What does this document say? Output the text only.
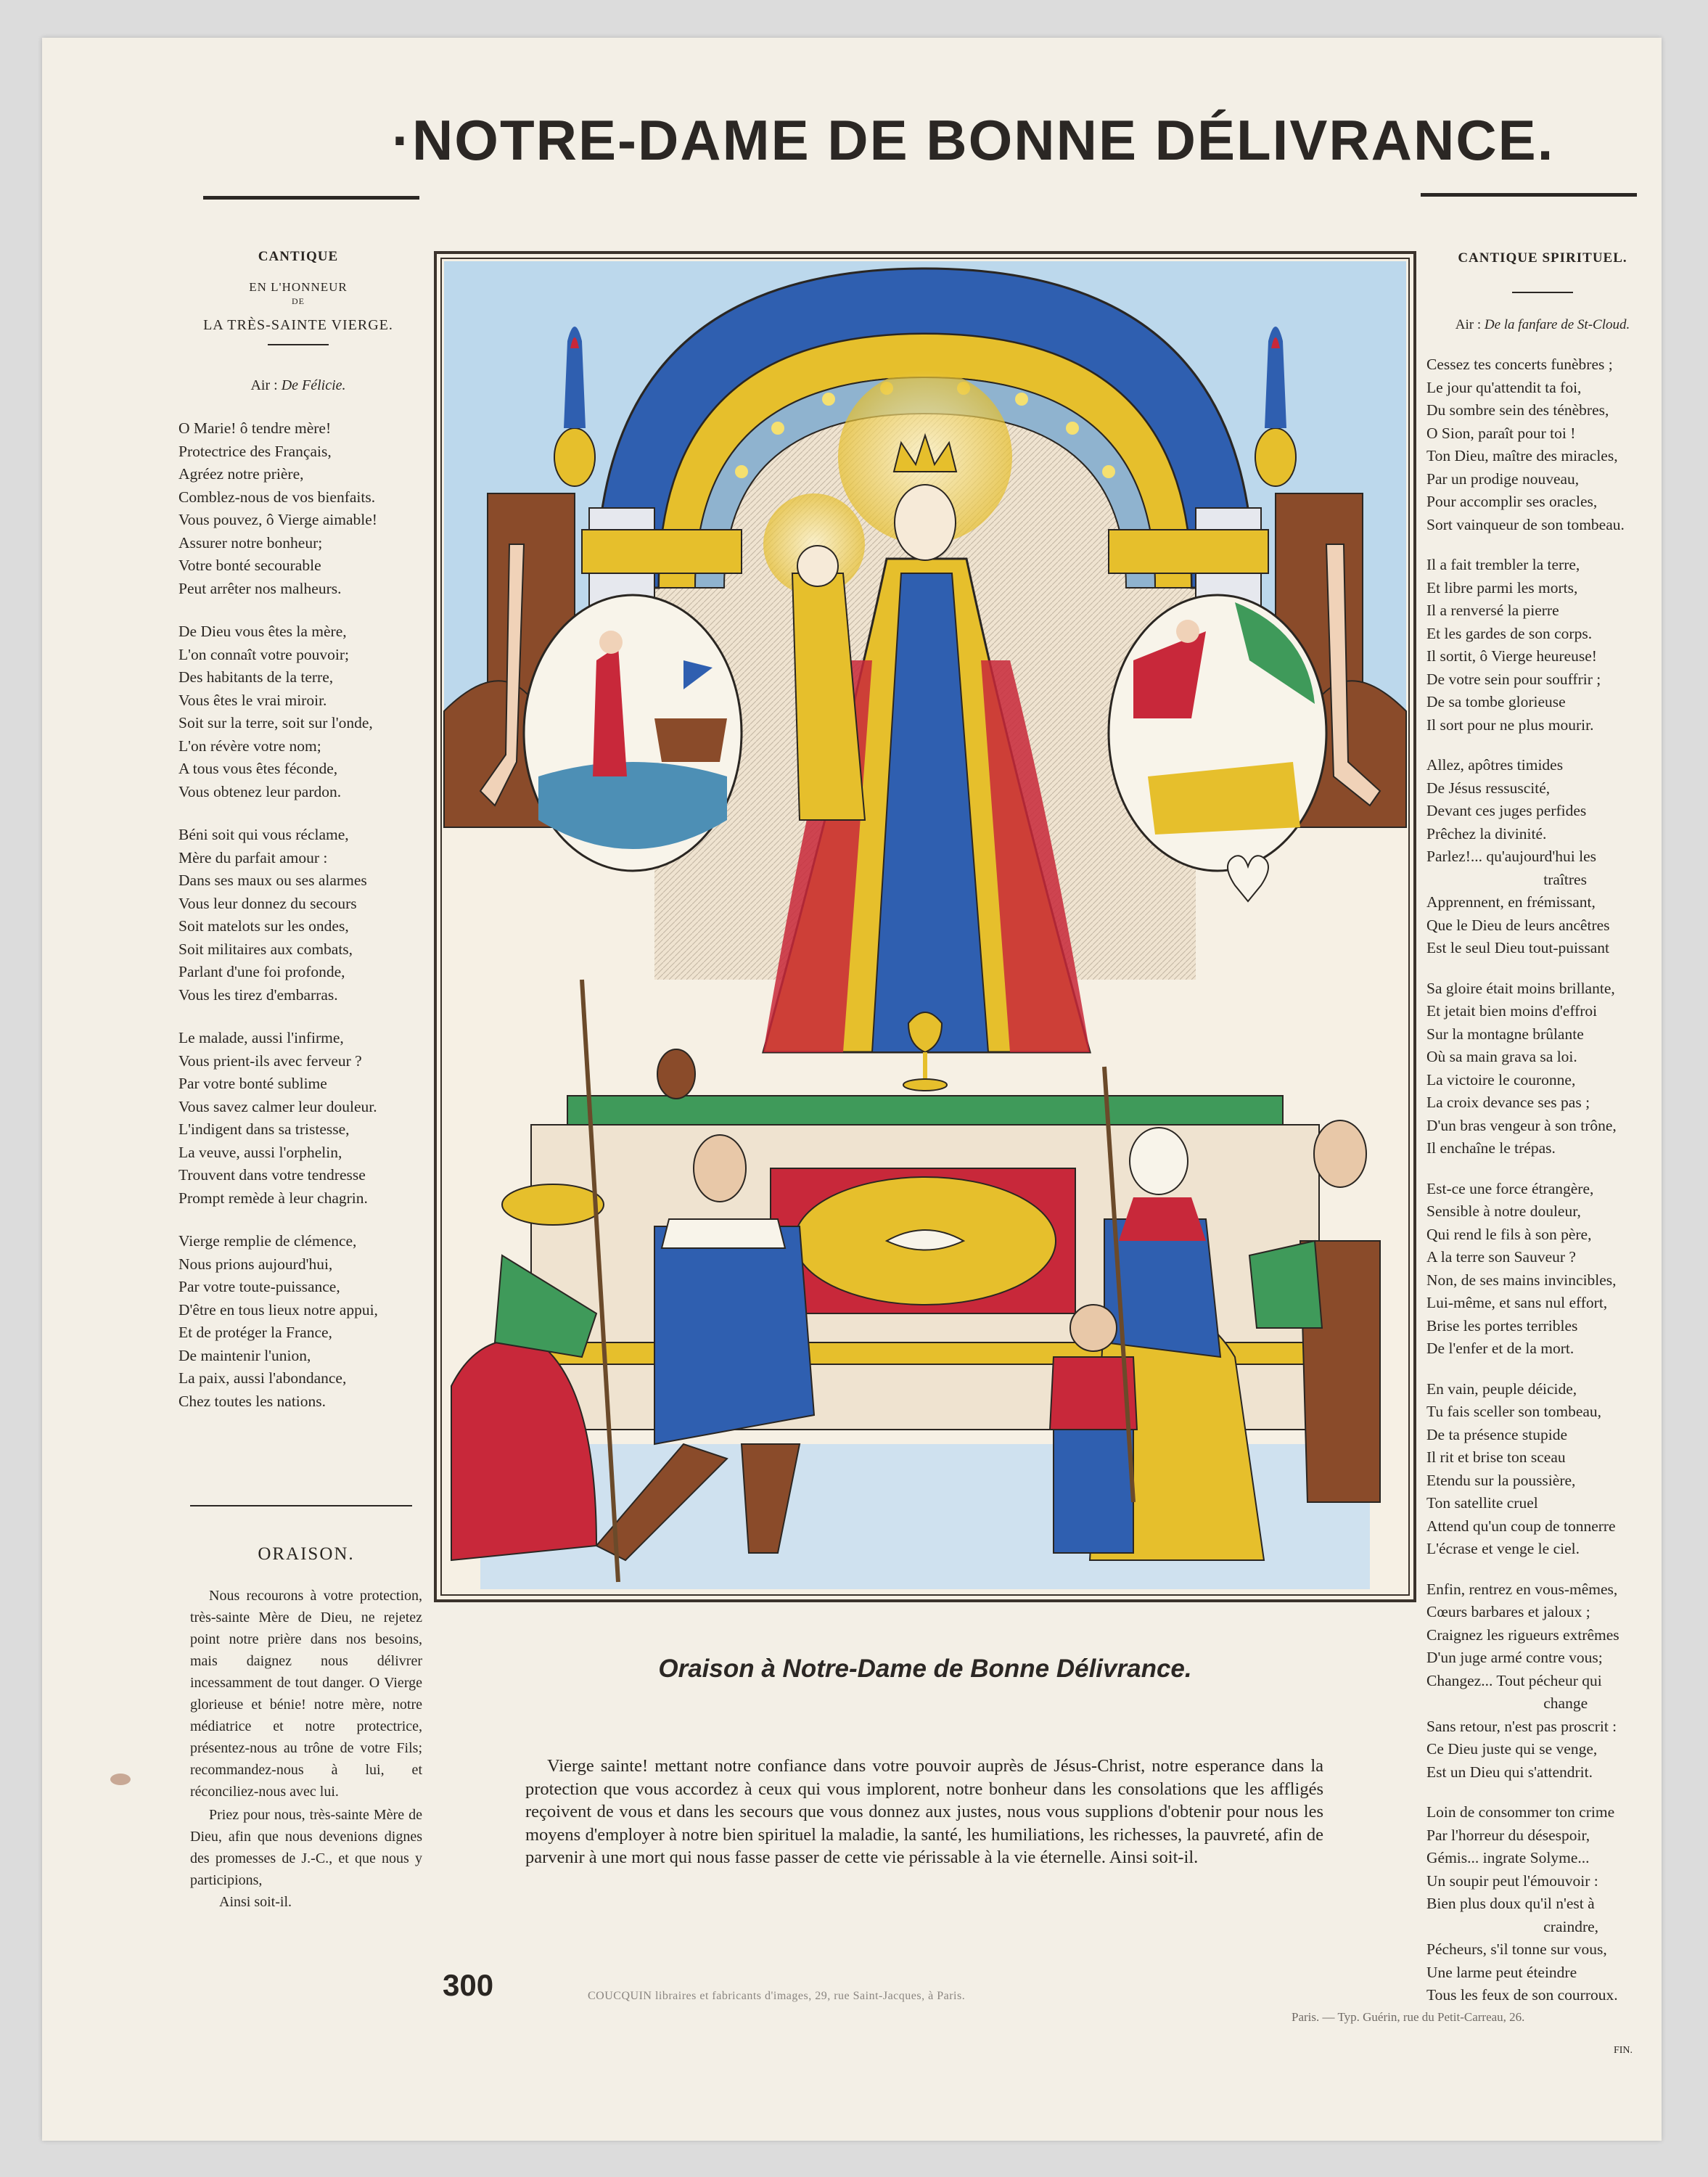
·NOTRE-DAME DE BONNE DÉLIVRANCE.
CANTIQUE
EN L'HONNEUR
DE
LA TRÈS-SAINTE VIERGE.
Air : De Félicie.
O Marie! ô tendre mère!
Protectrice des Français,
Agréez notre prière,
Comblez-nous de vos bienfaits.
Vous pouvez, ô Vierge aimable!
Assurer notre bonheur;
Votre bonté secourable
Peut arrêter nos malheurs.
De Dieu vous êtes la mère,
L'on connaît votre pouvoir;
Des habitants de la terre,
Vous êtes le vrai miroir.
Soit sur la terre, soit sur l'onde,
L'on révère votre nom;
A tous vous êtes féconde,
Vous obtenez leur pardon.
Béni soit qui vous réclame,
Mère du parfait amour :
Dans ses maux ou ses alarmes
Vous leur donnez du secours
Soit matelots sur les ondes,
Soit militaires aux combats,
Parlant d'une foi profonde,
Vous les tirez d'embarras.
Le malade, aussi l'infirme,
Vous prient-ils avec ferveur ?
Par votre bonté sublime
Vous savez calmer leur douleur.
L'indigent dans sa tristesse,
La veuve, aussi l'orphelin,
Trouvent dans votre tendresse
Prompt remède à leur chagrin.
Vierge remplie de clémence,
Nous prions aujourd'hui,
Par votre toute-puissance,
D'être en tous lieux notre appui,
Et de protéger la France,
De maintenir l'union,
La paix, aussi l'abondance,
Chez toutes les nations.
ORAISON.
Nous recourons à votre protection, très-sainte Mère de Dieu, ne rejetez point notre prière dans nos besoins, mais daignez nous délivrer incessamment de tout danger. O Vierge glorieuse et bénie! notre mère, notre médiatrice et notre protectrice, présentez-nous au trône de votre Fils; recommandez-nous à lui, et réconciliez-nous avec lui.
Priez pour nous, très-sainte Mère de Dieu, afin que nous devenions dignes des promesses de J.-C., et que nous y participions,
Ainsi soit-il.
CANTIQUE SPIRITUEL.
Air : De la fanfare de St-Cloud.
Cessez tes concerts funèbres ;
Le jour qu'attendit ta foi,
Du sombre sein des ténèbres,
O Sion, paraît pour toi !
Ton Dieu, maître des miracles,
Par un prodige nouveau,
Pour accomplir ses oracles,
Sort vainqueur de son tombeau.
Il a fait trembler la terre,
Et libre parmi les morts,
Il a renversé la pierre
Et les gardes de son corps.
Il sortit, ô Vierge heureuse!
De votre sein pour souffrir ;
De sa tombe glorieuse
Il sort pour ne plus mourir.
Allez, apôtres timides
De Jésus ressuscité,
Devant ces juges perfides
Prêchez la divinité.
Parlez!... qu'aujourd'hui les
traîtres
Apprennent, en frémissant,
Que le Dieu de leurs ancêtres
Est le seul Dieu tout-puissant
Sa gloire était moins brillante,
Et jetait bien moins d'effroi
Sur la montagne brûlante
Où sa main grava sa loi.
La victoire le couronne,
La croix devance ses pas ;
D'un bras vengeur à son trône,
Il enchaîne le trépas.
Est-ce une force étrangère,
Sensible à notre douleur,
Qui rend le fils à son père,
A la terre son Sauveur ?
Non, de ses mains invincibles,
Lui-même, et sans nul effort,
Brise les portes terribles
De l'enfer et de la mort.
En vain, peuple déicide,
Tu fais sceller son tombeau,
De ta présence stupide
Il rit et brise ton sceau
Etendu sur la poussière,
Ton satellite cruel
Attend qu'un coup de tonnerre
L'écrase et venge le ciel.
Enfin, rentrez en vous-mêmes,
Cœurs barbares et jaloux ;
Craignez les rigueurs extrêmes
D'un juge armé contre vous;
Changez... Tout pécheur qui
change
Sans retour, n'est pas proscrit :
Ce Dieu juste qui se venge,
Est un Dieu qui s'attendrit.
Loin de consommer ton crime
Par l'horreur du désespoir,
Gémis... ingrate Solyme...
Un soupir peut l'émouvoir :
Bien plus doux qu'il n'est à
craindre,
Pécheurs, s'il tonne sur vous,
Une larme peut éteindre
Tous les feux de son courroux.
FIN.
Oraison à Notre-Dame de Bonne Délivrance.
Vierge sainte! mettant notre confiance dans votre pouvoir auprès de Jésus-Christ, notre esperance dans la protection que vous accordez à ceux qui vous implorent, notre bonheur dans les consolations que les affligés reçoivent de vous et dans les secours que vous donnez aux justes, nous vous supplions d'obtenir pour nous les moyens d'employer à notre bien spirituel la maladie, la santé, les humiliations, les richesses, la pauvreté, afin de parvenir à une mort qui nous fasse passer de cette vie périssable à la vie éternelle. Ainsi soit-il.
300	COUCQUIN libraires et fabricants d'images, 29, rue Saint-Jacques, à Paris.
Paris. — Typ. Guérin, rue du Petit-Carreau, 26.
